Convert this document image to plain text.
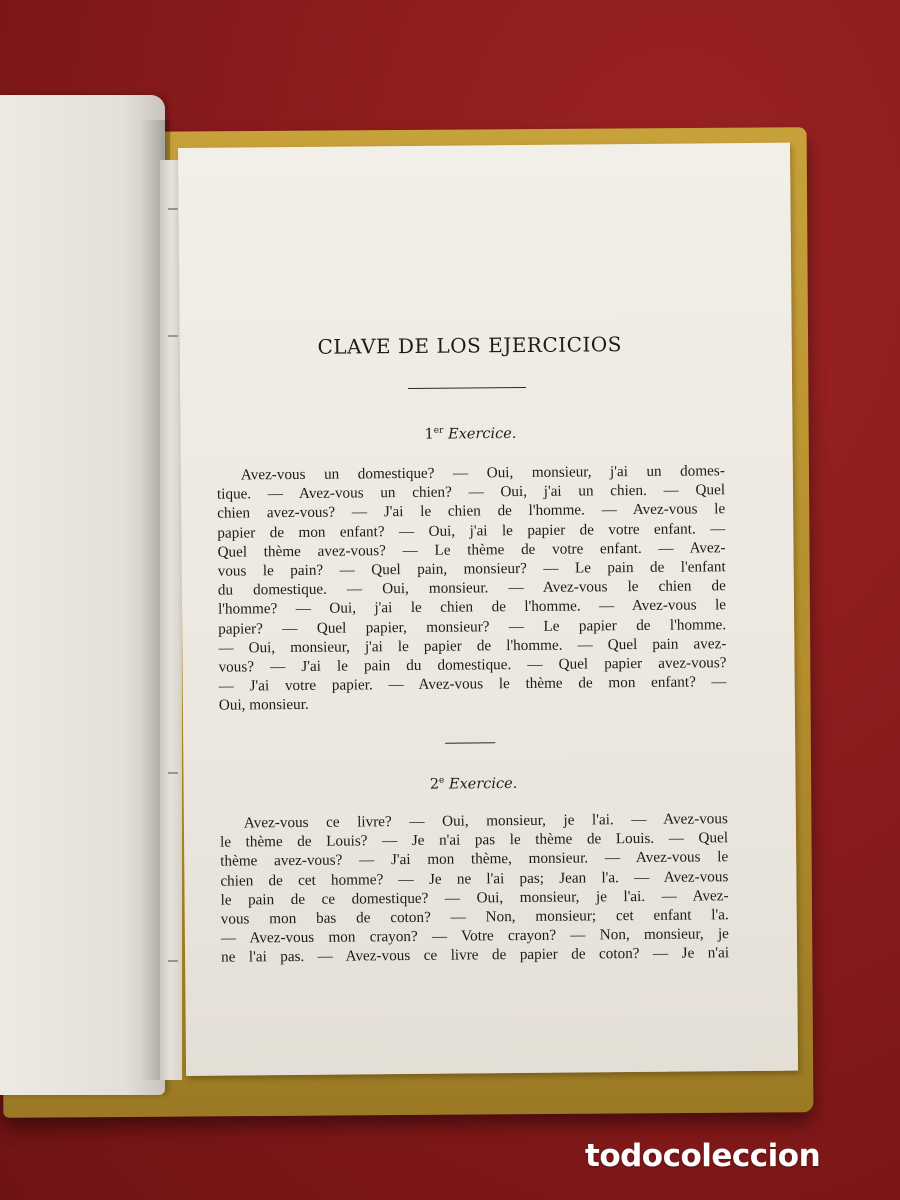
CLAVE DE LOS EJERCICIOS
1er Exercice.
Avez-vous un domestique? — Oui, monsieur, j'ai un domes-
tique. — Avez-vous un chien? — Oui, j'ai un chien. — Quel
chien avez-vous? — J'ai le chien de l'homme. — Avez-vous le
papier de mon enfant? — Oui, j'ai le papier de votre enfant. —
Quel thème avez-vous? — Le thème de votre enfant. — Avez-
vous le pain? — Quel pain, monsieur? — Le pain de l'enfant
du domestique. — Oui, monsieur. — Avez-vous le chien de
l'homme? — Oui, j'ai le chien de l'homme. — Avez-vous le
papier? — Quel papier, monsieur? — Le papier de l'homme.
— Oui, monsieur, j'ai le papier de l'homme. — Quel pain avez-
vous? — J'ai le pain du domestique. — Quel papier avez-vous?
— J'ai votre papier. — Avez-vous le thème de mon enfant? —
Oui, monsieur.
2e Exercice.
Avez-vous ce livre? — Oui, monsieur, je l'ai. — Avez-vous
le thème de Louis? — Je n'ai pas le thème de Louis. — Quel
thème avez-vous? — J'ai mon thème, monsieur. — Avez-vous le
chien de cet homme? — Je ne l'ai pas; Jean l'a. — Avez-vous
le pain de ce domestique? — Oui, monsieur, je l'ai. — Avez-
vous mon bas de coton? — Non, monsieur; cet enfant l'a.
— Avez-vous mon crayon? — Votre crayon? — Non, monsieur, je
ne l'ai pas. — Avez-vous ce livre de papier de coton? — Je n'ai
todocoleccion
